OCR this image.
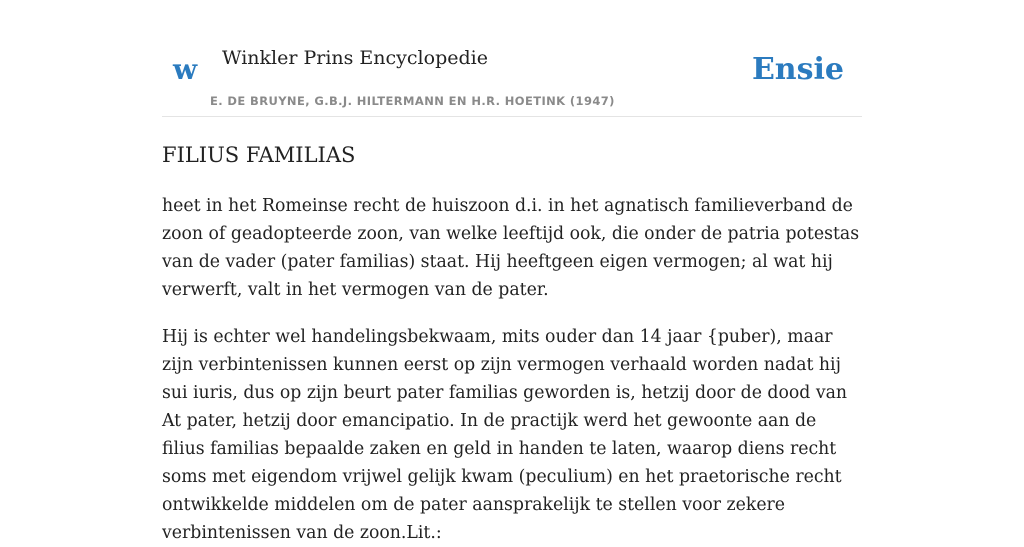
w Winkler Prins Encyclopedie
E. DE BRUYNE, G.B.J. HILTERMANN EN H.R. HOETINK (1947)
Ensie
FILIUS FAMILIAS

heet in het Romeinse recht de huiszoon d.i. in het agnatisch familieverband de zoon of geadopteerde zoon, van welke leeftijd ook, die onder de patria potestas van de vader (pater familias) staat. Hij heeftgeen eigen vermogen; al wat hij verwerft, valt in het vermogen van de pater.

Hij is echter wel handelingsbekwaam, mits ouder dan 14 jaar {puber), maar zijn verbintenissen kunnen eerst op zijn vermogen verhaald worden nadat hij sui iuris, dus op zijn beurt pater familias geworden is, hetzij door de dood van At pater, hetzij door emancipatio. In de practijk werd het gewoonte aan de filius familias bepaalde zaken en geld in handen te laten, waarop diens recht soms met eigendom vrijwel gelijk kwam (peculium) en het praetorische recht ontwikkelde middelen om de pater aansprakelijk te stellen voor zekere verbintenissen van de zoon.Lit.:
